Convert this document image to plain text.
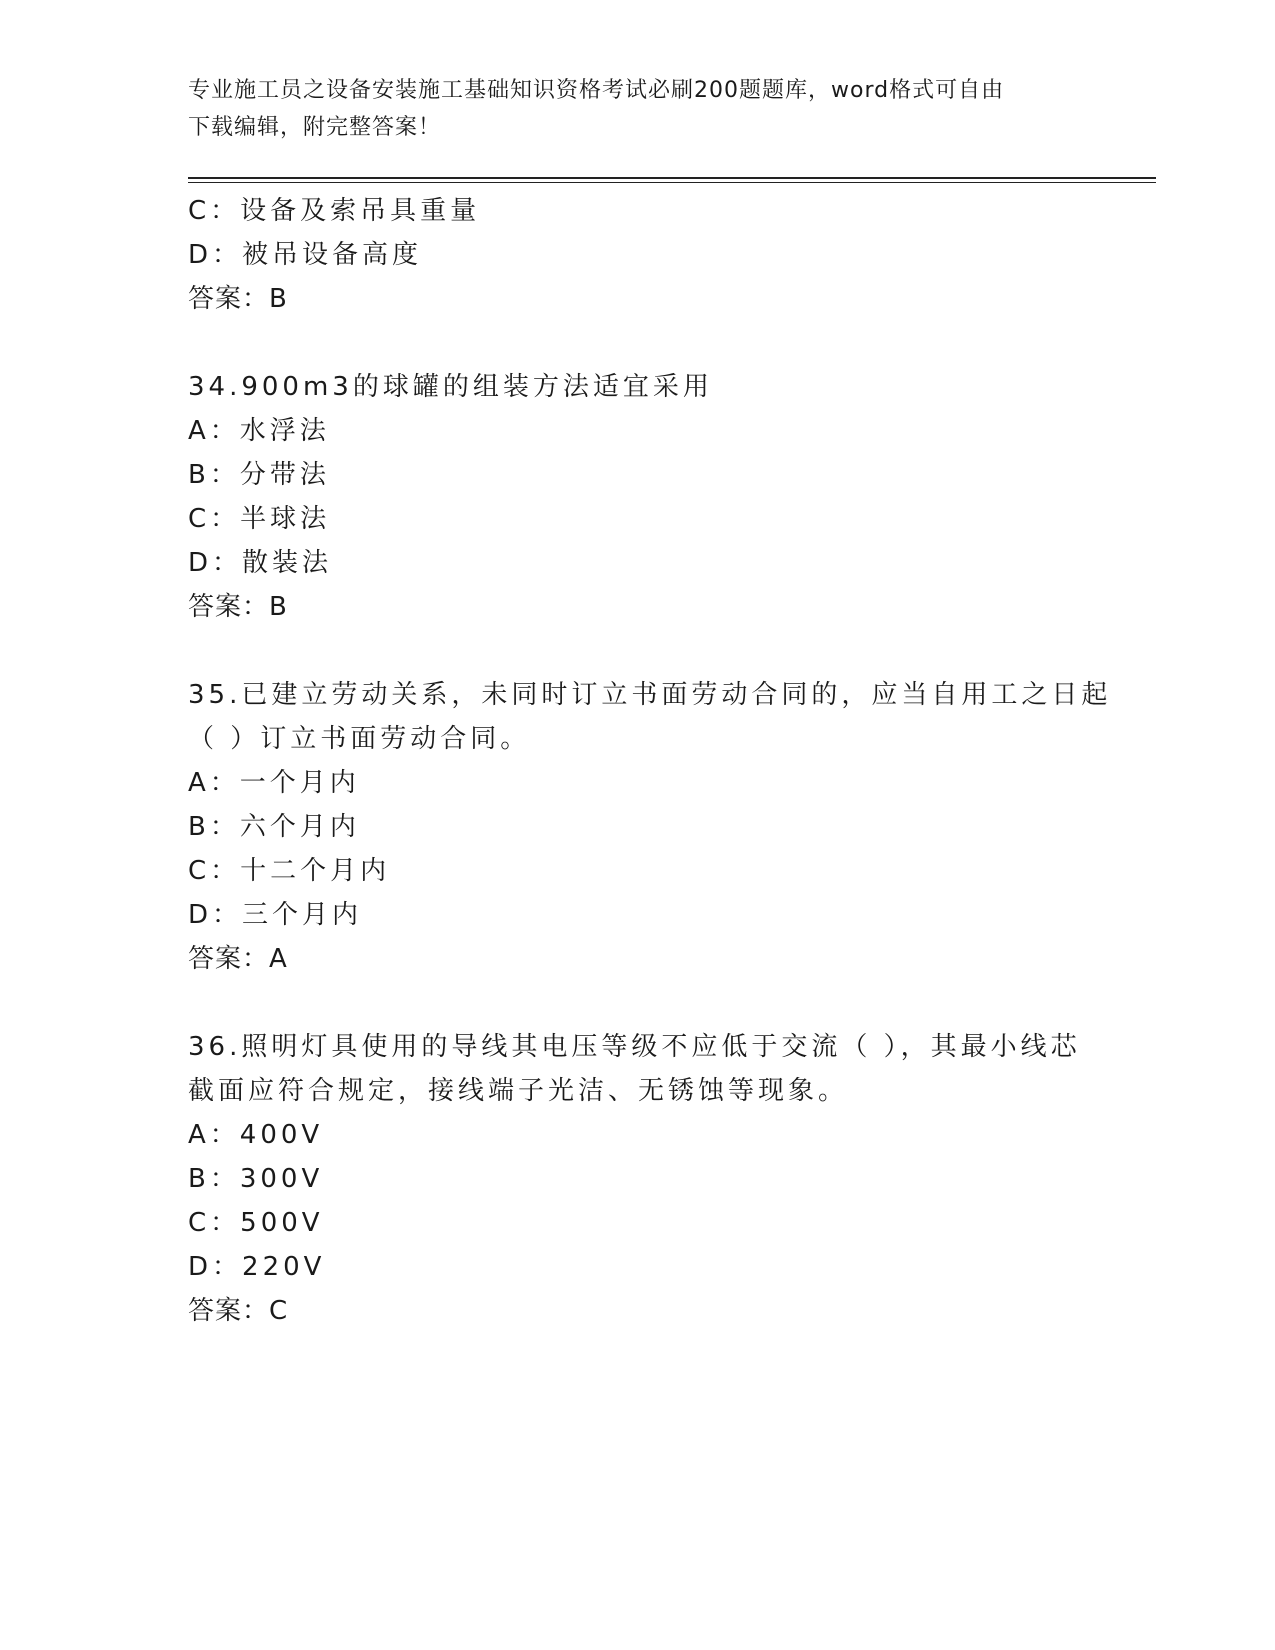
专业施工员之设备安装施工基础知识资格考试必刷200题题库，word格式可自由
下载编辑，附完整答案！
C：设备及索吊具重量
D：被吊设备高度
答案：B
34.900m3的球罐的组装方法适宜采用
A：水浮法
B：分带法
C：半球法
D：散装法
答案：B
35.已建立劳动关系，未同时订立书面劳动合同的，应当自用工之日起
（ ）订立书面劳动合同。
A：一个月内
B：六个月内
C：十二个月内
D：三个月内
答案：A
36.照明灯具使用的导线其电压等级不应低于交流（ ），其最小线芯
截面应符合规定，接线端子光洁、无锈蚀等现象。
A：400V
B：300V
C：500V
D：220V
答案：C
